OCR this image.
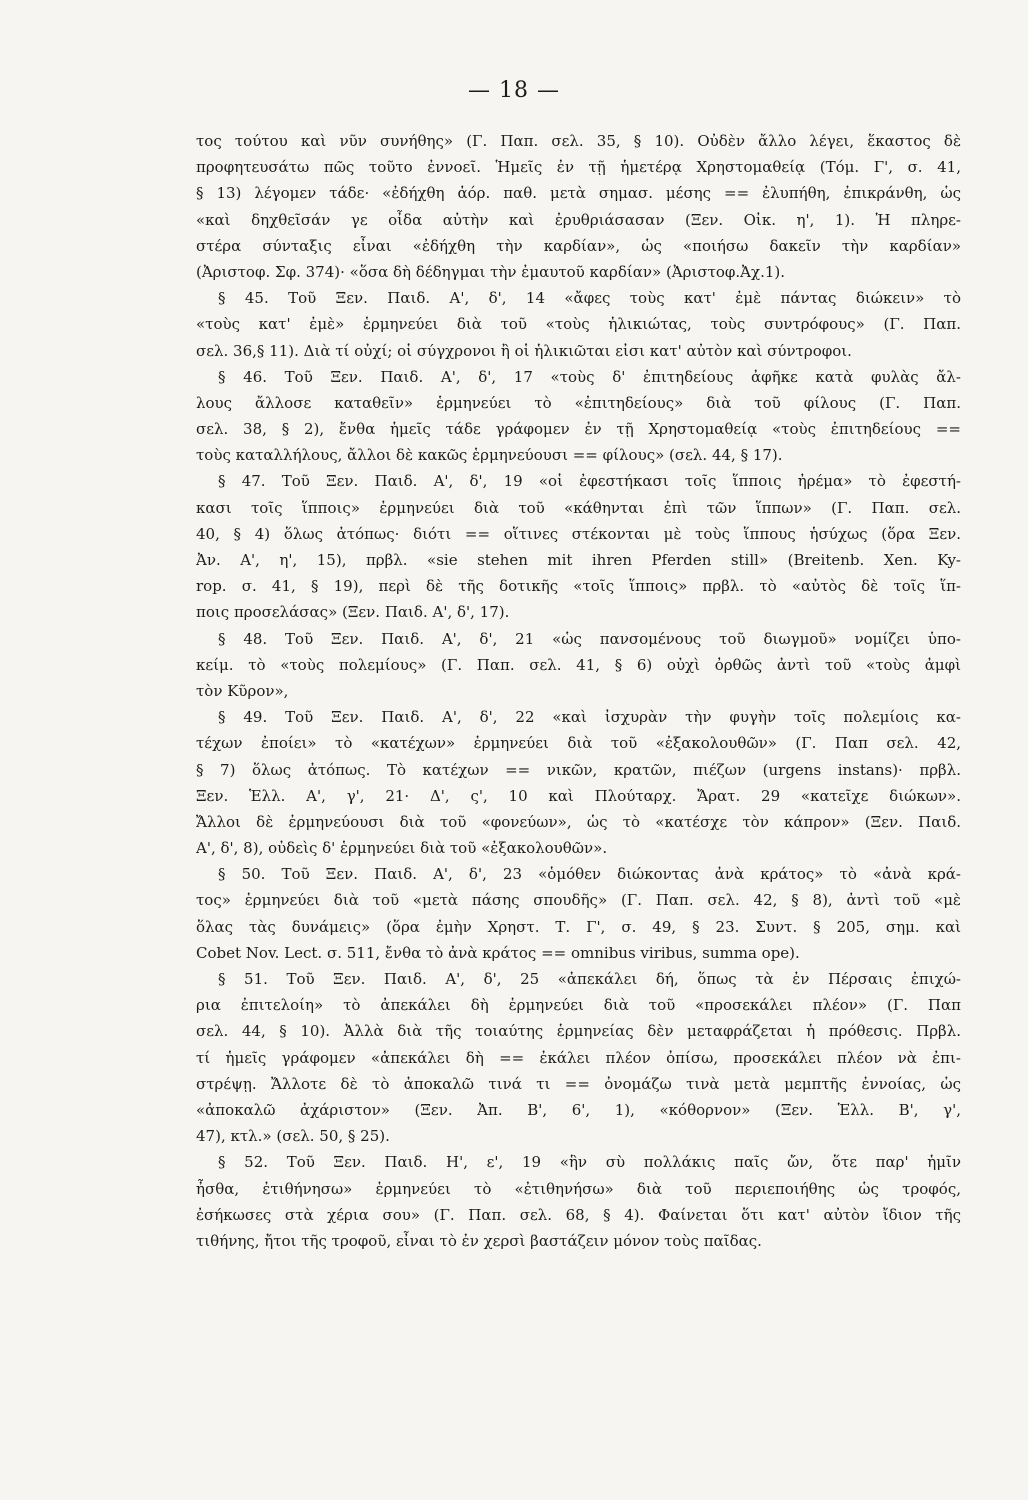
— 18 —
τος τούτου καὶ νῦν συνήθης» (Γ. Παπ. σελ. 35, § 10). Οὐδὲν ἄλλο λέγει, ἕκαστος δὲ
προφητευσάτω πῶς τοῦτο ἐννοεῖ. Ἡμεῖς ἐν τῇ ἡμετέρᾳ Χρηστομαθείᾳ (Τόμ. Γ', σ. 41,
§ 13) λέγομεν τάδε· «ἐδήχθη ἀόρ. παθ. μετὰ σημασ. μέσης == ἐλυπήθη, ἐπικράνθη, ὡς
«καὶ δηχθεῖσάν γε οἶδα αὐτὴν καὶ ἐρυθριάσασαν (Ξεν. Οἰκ. η', 1). Ἡ πληρε-
στέρα σύνταξις εἶναι «ἐδήχθη τὴν καρδίαν», ὡς «ποιήσω δακεῖν τὴν καρδίαν»
(Ἀριστοφ. Σφ. 374)· «ὅσα δὴ δέδηγμαι τὴν ἐμαυτοῦ καρδίαν» (Ἀριστοφ.Ἀχ.1).
§ 45. Τοῦ Ξεν. Παιδ. Α', δ', 14 «ἄφες τοὺς κατ' ἐμὲ πάντας διώκειν» τὸ
«τοὺς κατ' ἐμὲ» ἑρμηνεύει διὰ τοῦ «τοὺς ἡλικιώτας, τοὺς συντρόφους» (Γ. Παπ.
σελ. 36,§ 11). Διὰ τί οὐχί; οἱ σύγχρονοι ἢ οἱ ἡλικιῶται εἰσι κατ' αὐτὸν καὶ σύντροφοι.
§ 46. Τοῦ Ξεν. Παιδ. Α', δ', 17 «τοὺς δ' ἐπιτηδείους ἀφῆκε κατὰ φυλὰς ἄλ-
λους ἄλλοσε καταθεῖν» ἑρμηνεύει τὸ «ἐπιτηδείους» διὰ τοῦ φίλους (Γ. Παπ.
σελ. 38, § 2), ἔνθα ἡμεῖς τάδε γράφομεν ἐν τῇ Χρηστομαθείᾳ «τοὺς ἐπιτηδείους ==
τοὺς καταλλήλους, ἄλλοι δὲ κακῶς ἑρμηνεύουσι == φίλους» (σελ. 44, § 17).
§ 47. Τοῦ Ξεν. Παιδ. Α', δ', 19 «οἱ ἐφεστήκασι τοῖς ἵπποις ἠρέμα» τὸ ἐφεστή-
κασι τοῖς ἵπποις» ἑρμηνεύει διὰ τοῦ «κάθηνται ἐπὶ τῶν ἵππων» (Γ. Παπ. σελ.
40, § 4) ὅλως ἀτόπως· διότι == οἵτινες στέκονται μὲ τοὺς ἵππους ἡσύχως (ὅρα Ξεν.
Ἀν. Α', η', 15), πρβλ. «sie stehen mit ihren Pferden still» (Breitenb. Xen. Ky-
rop. σ. 41, § 19), περὶ δὲ τῆς δοτικῆς «τοῖς ἵπποις» πρβλ. τὸ «αὐτὸς δὲ τοῖς ἵπ-
ποις προσελάσας» (Ξεν. Παιδ. Α', δ', 17).
§ 48. Τοῦ Ξεν. Παιδ. Α', δ', 21 «ὡς πανσομένους τοῦ διωγμοῦ» νομίζει ὑπο-
κείμ. τὸ «τοὺς πολεμίους» (Γ. Παπ. σελ. 41, § 6) οὐχὶ ὀρθῶς ἀντὶ τοῦ «τοὺς ἀμφὶ
τὸν Κῦρον»,
§ 49. Τοῦ Ξεν. Παιδ. Α', δ', 22 «καὶ ἰσχυρὰν τὴν φυγὴν τοῖς πολεμίοις κα-
τέχων ἐποίει» τὸ «κατέχων» ἑρμηνεύει διὰ τοῦ «ἐξακολουθῶν» (Γ. Παπ σελ. 42,
§ 7) ὅλως ἀτόπως. Τὸ κατέχων == νικῶν, κρατῶν, πιέζων (urgens instans)· πρβλ.
Ξεν. Ἑλλ. Α', γ', 21· Δ', ς', 10 καὶ Πλούταρχ. Ἄρατ. 29 «κατεῖχε διώκων».
Ἄλλοι δὲ ἑρμηνεύουσι διὰ τοῦ «φονεύων», ὡς τὸ «κατέσχε τὸν κάπρον» (Ξεν. Παιδ.
Α', δ', 8), οὐδεὶς δ' ἑρμηνεύει διὰ τοῦ «ἐξακολουθῶν».
§ 50. Τοῦ Ξεν. Παιδ. Α', δ', 23 «ὁμόθεν διώκοντας ἀνὰ κράτος» τὸ «ἀνὰ κρά-
τος» ἑρμηνεύει διὰ τοῦ «μετὰ πάσης σπουδῆς» (Γ. Παπ. σελ. 42, § 8), ἀντὶ τοῦ «μὲ
ὅλας τὰς δυνάμεις» (ὅρα ἐμὴν Χρηστ. Τ. Γ', σ. 49, § 23. Συντ. § 205, σημ. καὶ
Cobet Nov. Lect. σ. 511, ἔνθα τὸ ἀνὰ κράτος == omnibus viribus, summa ope).
§ 51. Τοῦ Ξεν. Παιδ. Α', δ', 25 «ἀπεκάλει δή, ὅπως τὰ ἐν Πέρσαις ἐπιχώ-
ρια ἐπιτελοίη» τὸ ἀπεκάλει δὴ ἑρμηνεύει διὰ τοῦ «προσεκάλει πλέον» (Γ. Παπ
σελ. 44, § 10). Ἀλλὰ διὰ τῆς τοιαύτης ἑρμηνείας δὲν μεταφράζεται ἡ πρόθεσις. Πρβλ.
τί ἡμεῖς γράφομεν «ἀπεκάλει δὴ == ἐκάλει πλέον ὀπίσω, προσεκάλει πλέον νὰ ἐπι-
στρέψῃ. Ἄλλοτε δὲ τὸ ἀποκαλῶ τινά τι == ὀνομάζω τινὰ μετὰ μεμπτῆς ἐννοίας, ὡς
«ἀποκαλῶ ἀχάριστον» (Ξεν. Ἀπ. Β', 6', 1), «κόθορνον» (Ξεν. Ἑλλ. Β', γ',
47), κτλ.» (σελ. 50, § 25).
§ 52. Τοῦ Ξεν. Παιδ. Η', ε', 19 «ἣν σὺ πολλάκις παῖς ὤν, ὅτε παρ' ἡμῖν
ἦσθα, ἐτιθήνησω» ἑρμηνεύει τὸ «ἐτιθηνήσω» διὰ τοῦ περιεποιήθης ὡς τροφός,
ἐσήκωσες στὰ χέρια σου» (Γ. Παπ. σελ. 68, § 4). Φαίνεται ὅτι κατ' αὐτὸν ἴδιον τῆς
τιθήνης, ἤτοι τῆς τροφοῦ, εἶναι τὸ ἐν χερσὶ βαστάζειν μόνον τοὺς παῖδας.
